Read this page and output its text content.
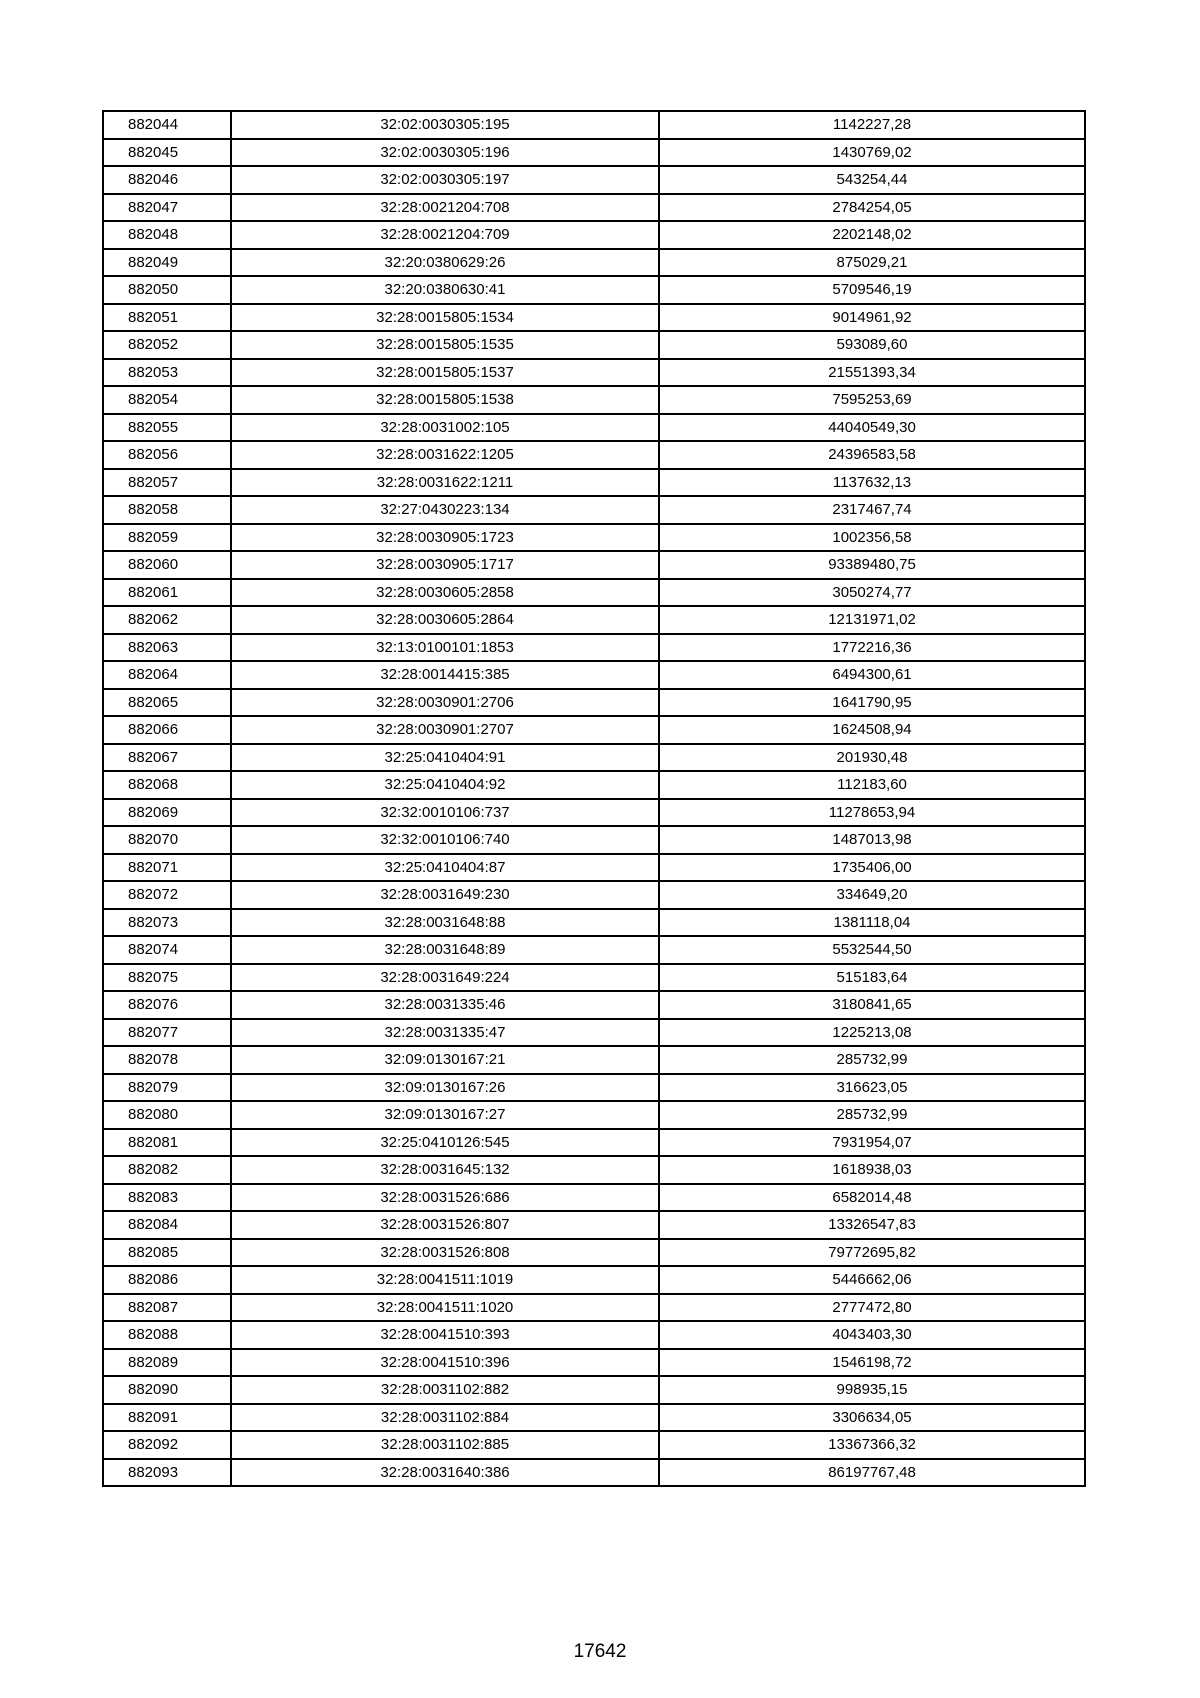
882044	32:02:0030305:195	1142227,28
882045	32:02:0030305:196	1430769,02
882046	32:02:0030305:197	543254,44
882047	32:28:0021204:708	2784254,05
882048	32:28:0021204:709	2202148,02
882049	32:20:0380629:26	875029,21
882050	32:20:0380630:41	5709546,19
882051	32:28:0015805:1534	9014961,92
882052	32:28:0015805:1535	593089,60
882053	32:28:0015805:1537	21551393,34
882054	32:28:0015805:1538	7595253,69
882055	32:28:0031002:105	44040549,30
882056	32:28:0031622:1205	24396583,58
882057	32:28:0031622:1211	1137632,13
882058	32:27:0430223:134	2317467,74
882059	32:28:0030905:1723	1002356,58
882060	32:28:0030905:1717	93389480,75
882061	32:28:0030605:2858	3050274,77
882062	32:28:0030605:2864	12131971,02
882063	32:13:0100101:1853	1772216,36
882064	32:28:0014415:385	6494300,61
882065	32:28:0030901:2706	1641790,95
882066	32:28:0030901:2707	1624508,94
882067	32:25:0410404:91	201930,48
882068	32:25:0410404:92	112183,60
882069	32:32:0010106:737	11278653,94
882070	32:32:0010106:740	1487013,98
882071	32:25:0410404:87	1735406,00
882072	32:28:0031649:230	334649,20
882073	32:28:0031648:88	1381118,04
882074	32:28:0031648:89	5532544,50
882075	32:28:0031649:224	515183,64
882076	32:28:0031335:46	3180841,65
882077	32:28:0031335:47	1225213,08
882078	32:09:0130167:21	285732,99
882079	32:09:0130167:26	316623,05
882080	32:09:0130167:27	285732,99
882081	32:25:0410126:545	7931954,07
882082	32:28:0031645:132	1618938,03
882083	32:28:0031526:686	6582014,48
882084	32:28:0031526:807	13326547,83
882085	32:28:0031526:808	79772695,82
882086	32:28:0041511:1019	5446662,06
882087	32:28:0041511:1020	2777472,80
882088	32:28:0041510:393	4043403,30
882089	32:28:0041510:396	1546198,72
882090	32:28:0031102:882	998935,15
882091	32:28:0031102:884	3306634,05
882092	32:28:0031102:885	13367366,32
882093	32:28:0031640:386	86197767,48
17642
